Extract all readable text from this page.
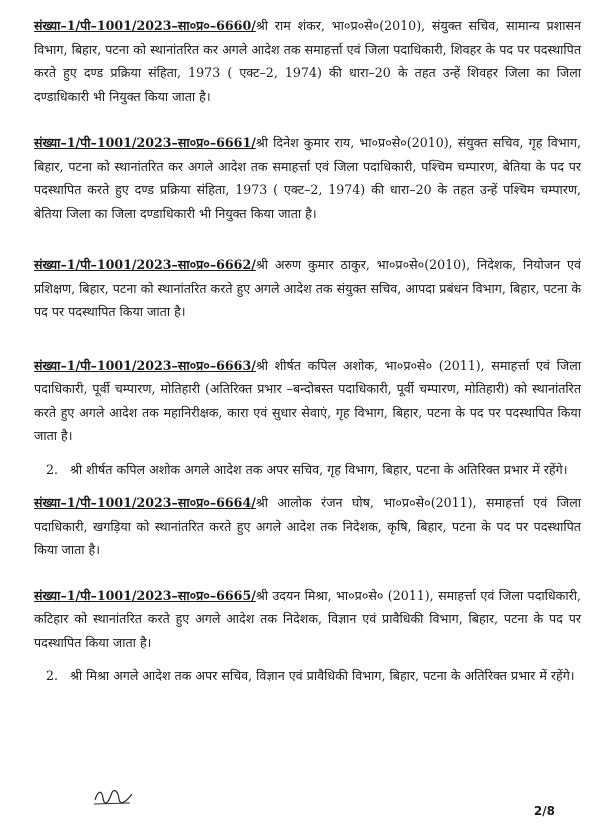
संख्या–1/पी–1001/2023–सा०प्र०–6660/श्री राम शंकर, भा०प्र०से०(2010), संयुक्त सचिव, सामान्य प्रशासन विभाग, बिहार, पटना को स्थानांतरित कर अगले आदेश तक समाहर्त्ता एवं जिला पदाधिकारी, शिवहर के पद पर पदस्थापित करते हुए दण्ड प्रक्रिया संहिता, 1973 ( एक्ट–2, 1974) की धारा–20 के तहत उन्हें शिवहर जिला का जिला दण्डाधिकारी भी नियुक्त किया जाता है।

संख्या–1/पी–1001/2023–सा०प्र०–6661/श्री दिनेश कुमार राय, भा०प्र०से०(2010), संयुक्त सचिव, गृह विभाग, बिहार, पटना को स्थानांतरित कर अगले आदेश तक समाहर्त्ता एवं जिला पदाधिकारी, पश्चिम चम्पारण, बेतिया के पद पर पदस्थापित करते हुए दण्ड प्रक्रिया संहिता, 1973 ( एक्ट–2, 1974) की धारा–20 के तहत उन्हें पश्चिम चम्पारण, बेतिया जिला का जिला दण्डाधिकारी भी नियुक्त किया जाता है।

संख्या–1/पी–1001/2023–सा०प्र०–6662/श्री अरुण कुमार ठाकुर, भा०प्र०से०(2010), निदेशक, नियोजन एवं प्रशिक्षण, बिहार, पटना को स्थानांतरित करते हुए अगले आदेश तक संयुक्त सचिव, आपदा प्रबंधन विभाग, बिहार, पटना के पद पर पदस्थापित किया जाता है।

संख्या–1/पी–1001/2023–सा०प्र०–6663/श्री शीर्षत कपिल अशोक, भा०प्र०से० (2011), समाहर्त्ता एवं जिला पदाधिकारी, पूर्वी चम्पारण, मोतिहारी (अतिरिक्त प्रभार –बन्दोबस्त पदाधिकारी, पूर्वी चम्पारण, मोतिहारी) को स्थानांतरित करते हुए अगले आदेश तक महानिरीक्षक, कारा एवं सुधार सेवाएं, गृह विभाग, बिहार, पटना के पद पर पदस्थापित किया जाता है।

2. श्री शीर्षत कपिल अशोक अगले आदेश तक अपर सचिव, गृह विभाग, बिहार, पटना के अतिरिक्त प्रभार में रहेंगे।

संख्या–1/पी–1001/2023–सा०प्र०–6664/श्री आलोक रंजन घोष, भा०प्र०से०(2011), समाहर्त्ता एवं जिला पदाधिकारी, खगड़िया को स्थानांतरित करते हुए अगले आदेश तक निदेशक, कृषि, बिहार, पटना के पद पर पदस्थापित किया जाता है।

संख्या–1/पी–1001/2023–सा०प्र०–6665/श्री उदयन मिश्रा, भा०प्र०से० (2011), समाहर्त्ता एवं जिला पदाधिकारी, कटिहार को स्थानांतरित करते हुए अगले आदेश तक निदेशक, विज्ञान एवं प्रावैधिकी विभाग, बिहार, पटना के पद पर पदस्थापित किया जाता है।

2. श्री मिश्रा अगले आदेश तक अपर सचिव, विज्ञान एवं प्रावैधिकी विभाग, बिहार, पटना के अतिरिक्त प्रभार में रहेंगे।

2/8
